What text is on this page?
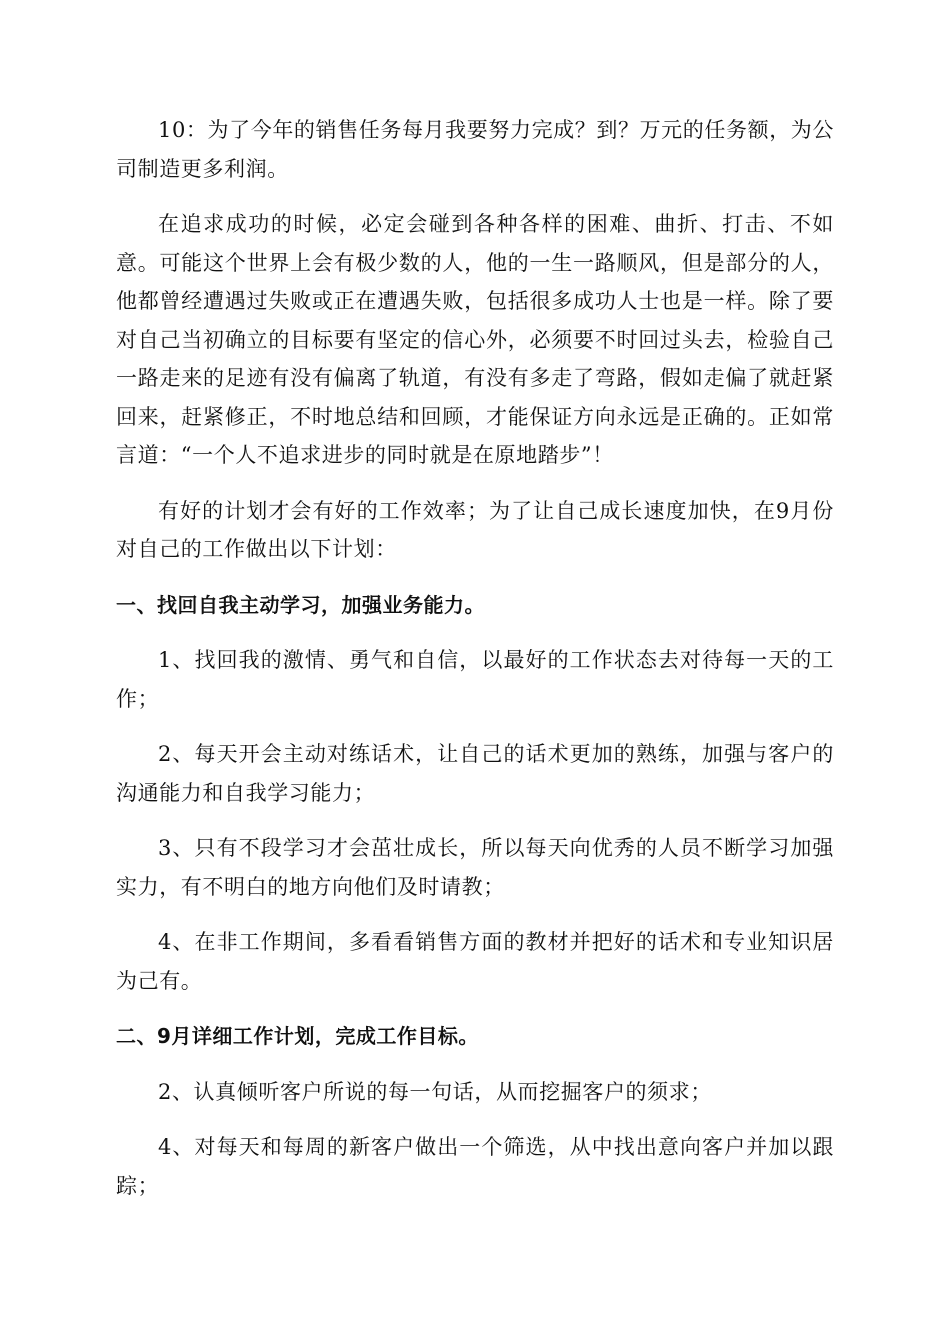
10：为了今年的销售任务每月我要努力完成？到？万元的任务额，为公司制造更多利润。

在追求成功的时候，必定会碰到各种各样的困难、曲折、打击、不如意。可能这个世界上会有极少数的人，他的一生一路顺风，但是部分的人，他都曾经遭遇过失败或正在遭遇失败，包括很多成功人士也是一样。除了要对自己当初确立的目标要有坚定的信心外，必须要不时回过头去，检验自己一路走来的足迹有没有偏离了轨道，有没有多走了弯路，假如走偏了就赶紧回来，赶紧修正，不时地总结和回顾，才能保证方向永远是正确的。正如常言道：“一个人不追求进步的同时就是在原地踏步”！

有好的计划才会有好的工作效率；为了让自己成长速度加快，在9月份对自己的工作做出以下计划：

一、找回自我主动学习，加强业务能力。

1、找回我的激情、勇气和自信，以最好的工作状态去对待每一天的工作；

2、每天开会主动对练话术，让自己的话术更加的熟练，加强与客户的沟通能力和自我学习能力；

3、只有不段学习才会茁壮成长，所以每天向优秀的人员不断学习加强实力，有不明白的地方向他们及时请教；

4、在非工作期间，多看看销售方面的教材并把好的话术和专业知识居为己有。

二、9月详细工作计划，完成工作目标。

2、认真倾听客户所说的每一句话，从而挖掘客户的须求；

4、对每天和每周的新客户做出一个筛选，从中找出意向客户并加以跟踪；
